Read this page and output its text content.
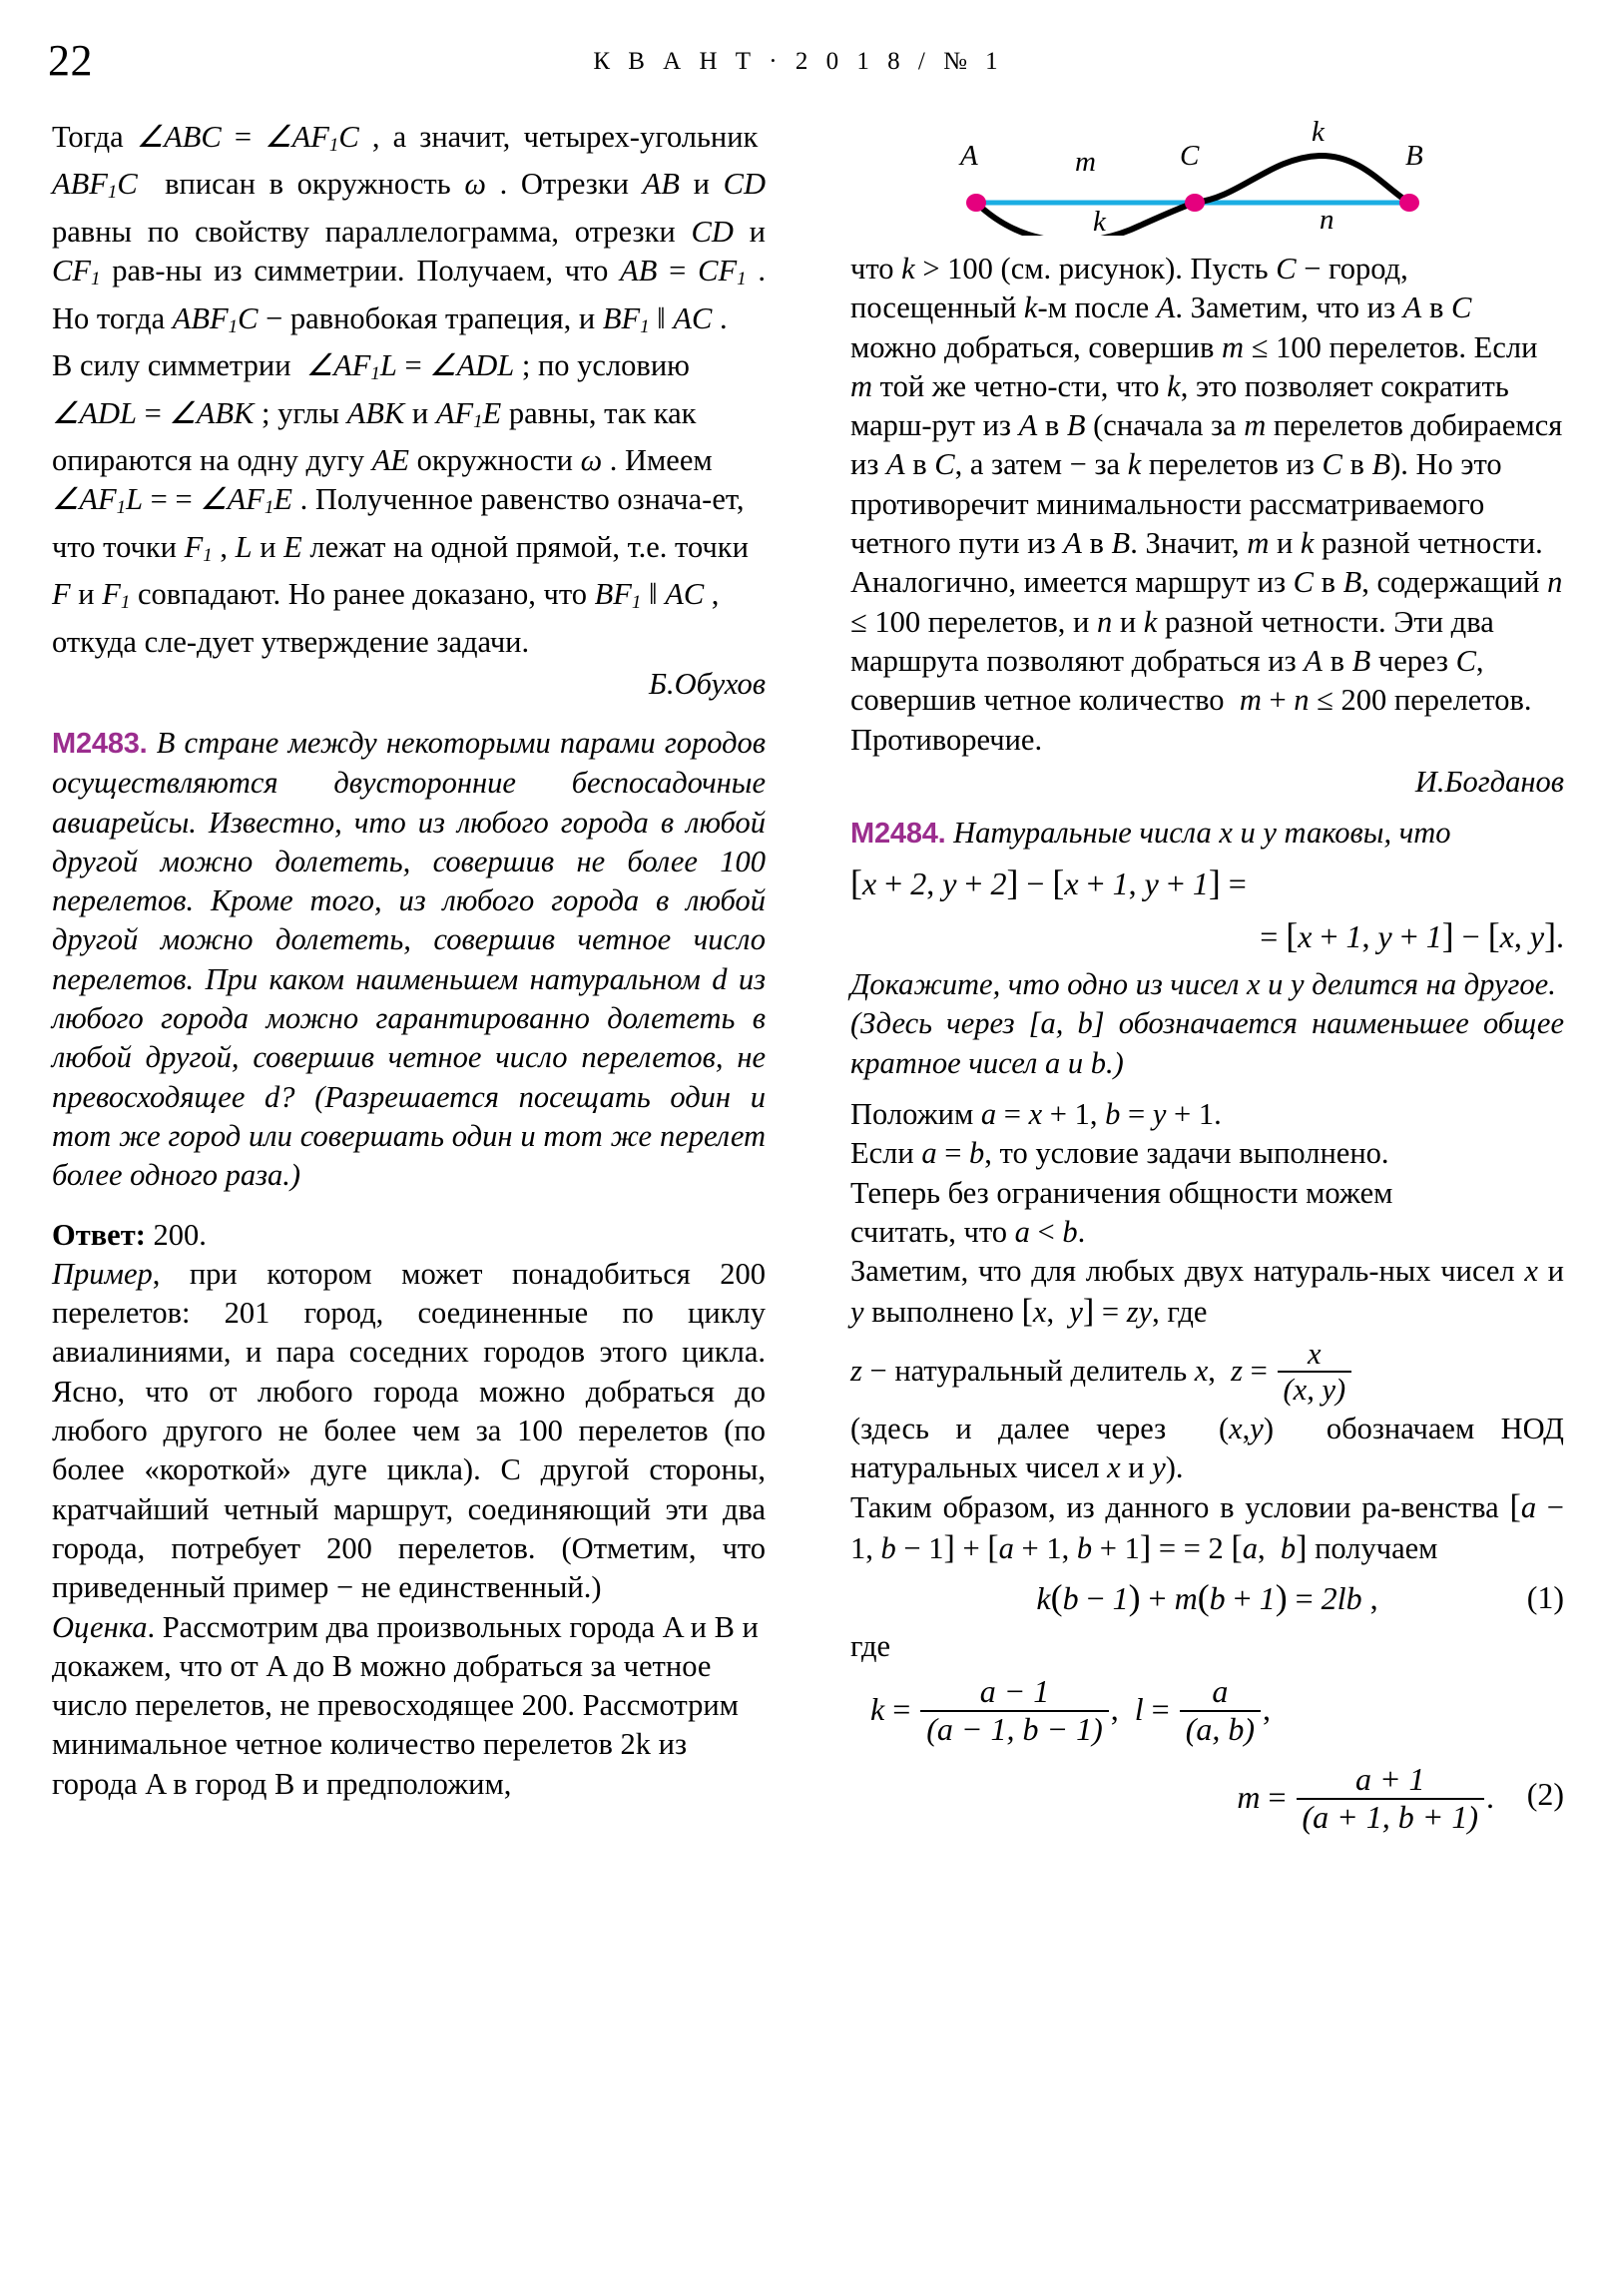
22	К В А Н Т · 2 0 1 8 / № 1

Тогда ∠ABC = $\angle AF_1C$ , а значит, четырех‑угольник  $ABF_1C$  вписан в окружность ω . Отрезки AB и CD равны по свойству параллелограмма, отрезки CD и $CF_1$ рав‑ны из симметрии. Получаем, что AB = $CF_1$ . Но тогда $ABF_1C$ − равнобокая трапеция, и $BF_1$ ‖ AC .

В силу симметрии  $\angle AF_1L$ = ∠ADL ; по условию ∠ADL = ∠ABK ; углы ABK и $AF_1E$ равны, так как опираются на одну дугу AE окружности ω . Имеем $\angle AF_1L$ = = $\angle AF_1E$ . Полученное равенство означа‑ет, что точки $F_1$ , L и E лежат на одной прямой, т.е. точки F и $F_1$ совпадают. Но ранее доказано, что $BF_1$ ‖ AC , откуда сле‑дует утверждение задачи.

Б.Обухов

M2483. В стране между некоторыми парами городов осуществляются двусторонние беспосадочные авиарейсы. Известно, что из любого города в любой другой можно долететь, совершив не более 100 перелетов. Кроме того, из любого города в любой другой можно долететь, совершив четное число перелетов. При каком наименьшем натуральном d из любого города можно гарантированно долететь в любой другой, совершив четное число перелетов, не превосходящее d? (Разрешается посещать один и тот же город или совершать один и тот же перелет более одного раза.)

Ответ: 200.

Пример, при котором может понадобиться 200 перелетов: 201 город, соединенные по циклу авиалиниями, и пара соседних городов этого цикла. Ясно, что от любого города можно добраться до любого другого не более чем за 100 перелетов (по более «короткой» дуге цикла). С другой стороны, кратчайший четный маршрут, соединяющий эти два города, потребует 200 перелетов. (Отметим, что приведенный пример − не единственный.)

Оценка. Рассмотрим два произвольных города A и B и докажем, что от A до B можно добраться за четное число перелетов, не превосходящее 200. Рассмотрим минимальное четное количество перелетов 2k из города A в город B и предположим,

A	m	C
k
B
k	n

что k > 100 (см. рисунок). Пусть C − город, посещенный k-м после A. Заметим, что из A в C можно добраться, совершив m ≤ 100 перелетов. Если m той же четно‑сти, что k, это позволяет сократить марш‑рут из A в B (сначала за m перелетов добираемся из A в C, а затем − за k перелетов из C в B). Но это противоречит минимальности рассматриваемого четного пути из A в B. Значит, m и k разной четности. Аналогично, имеется маршрут из C в B, содержащий n ≤ 100 перелетов, и n и k разной четности. Эти два маршрута позволяют добраться из A в B через C, совершив четное количество  m + n ≤ 200 перелетов. Противоречие.

И.Богданов

M2484. Натуральные числа x и y таковы, что

[x + 2, y + 2] − [x + 1, y + 1] =
= [x + 1, y + 1] − [x, y].

Докажите, что одно из чисел x и y делится на другое.

(Здесь через [a, b] обозначается наименьшее общее кратное чисел a и b.)

Положим a = x + 1, b = y + 1.

Если a = b, то условие задачи выполнено.

Теперь без ограничения общности можем

считать, что a < b.

Заметим, что для любых двух натураль‑ных чисел x и y выполнено [x,  y] = zy, где

z − натуральный делитель x,  $z = \frac{x}{(x, y)}$

(здесь и далее через  (x,y)  обозначаем НОД натуральных чисел x и y).

Таким образом, из данного в условии ра‑венства [a − 1, b − 1] + [a + 1, b + 1] = = 2 [a,  b] получаем

k(b − 1) + m(b + 1) = 2lb ,	(1)

где

$k = \frac{a - 1}{(a - 1, b - 1)}$ , $l = \frac{a}{(a, b)}$ ,
$m = \frac{a + 1}{(a + 1, b + 1)}$ . (2)
